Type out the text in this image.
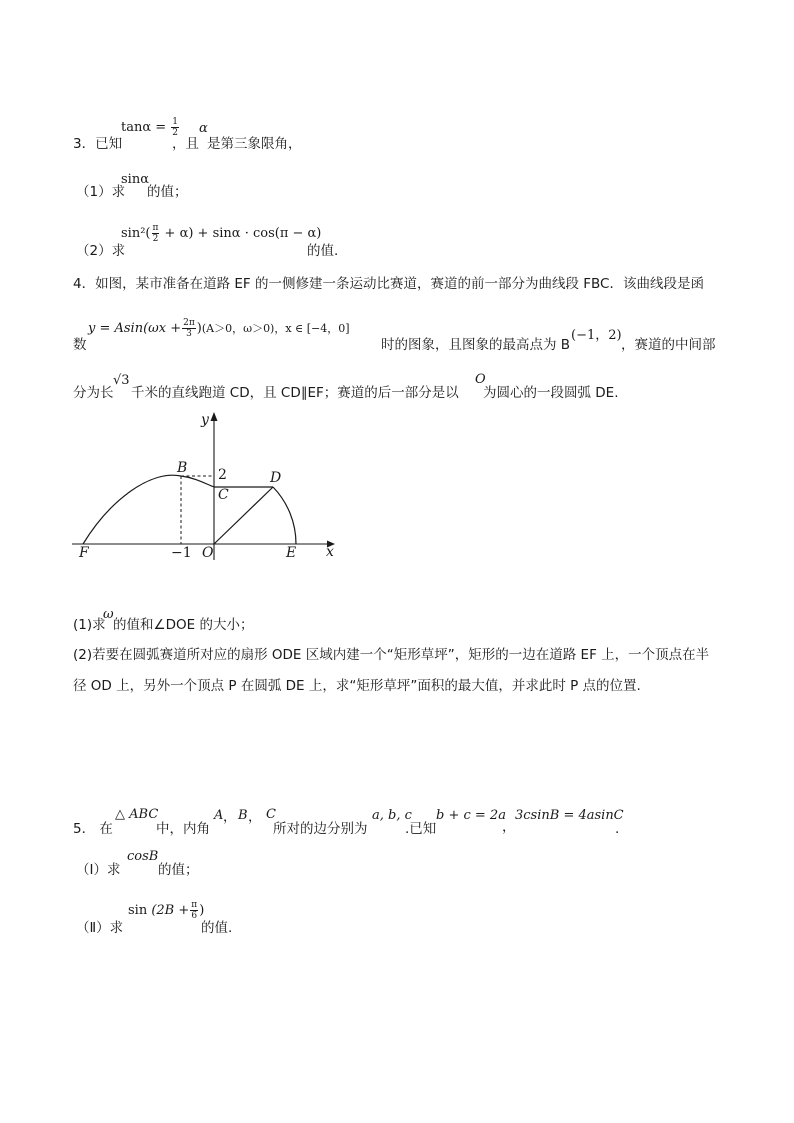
3．已知
$\tan\alpha = \frac{1}{2}$
，且
α
是第三象限角，
（1）求
sinα
的值；
（2）求
$\sin^2( \frac{\pi}{2} + \alpha) + \sin\alpha \cdot \cos(\pi - \alpha)$
的值.
4．如图，某市准备在道路 EF 的一侧修建一条运动比赛道，赛道的前一部分为曲线段 FBC．该曲线段是函
数
$y = Asin(\omega x + \frac{2\pi}{3} )(A>0$，ω＞0)，x ∈ [−4，0]
时的图象，且图象的最高点为 B
(−1，2)
，赛道的中间部
分为长
√3
千米的直线跑道 CD，且 CD∥EF；赛道的后一部分是以
O
为圆心的一段圆弧 DE.
y
x
B 2	D
C
F	−1 O	E
(1)求
ω
的值和∠DOE 的大小；
(2)若要在圆弧赛道所对应的扇形 ODE 区域内建一个“矩形草坪”，矩形的一边在道路 EF 上，一个顶点在半
径 OD 上，另外一个顶点 P 在圆弧 DE 上，求“矩形草坪”面积的最大值，并求此时 P 点的位置.
5． 在
△ ABC
中，内角
A ， B ， C
所对的边分别为
a, b, c
.已知
b + c = 2a
，
3csinB = 4asinC
.
（Ⅰ）求
cosB
的值；
（Ⅱ）求
$\sin (2B + \frac{\pi}{6}$ )
的值.
